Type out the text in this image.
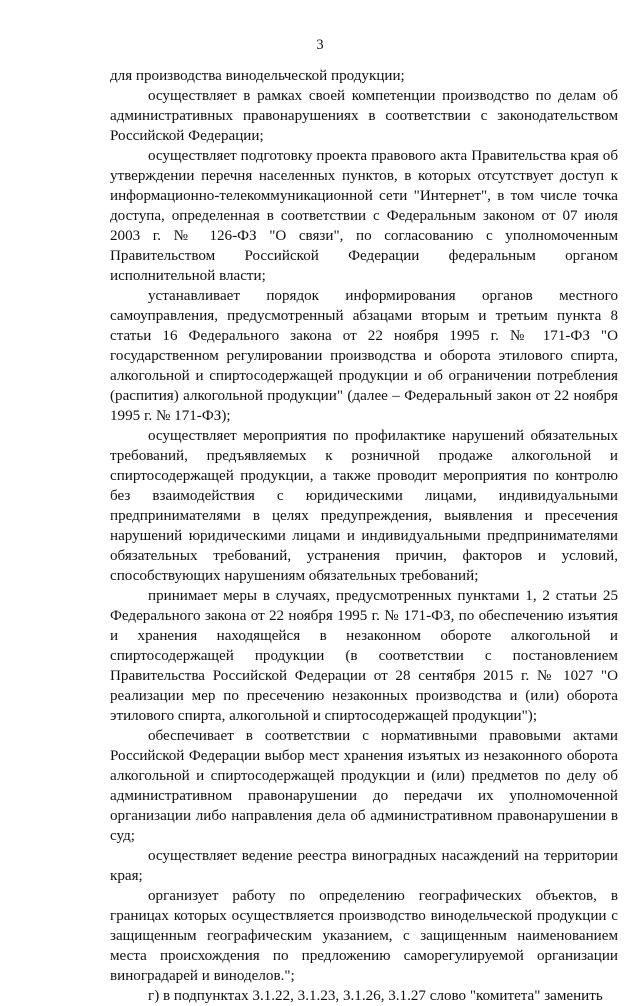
3

для производства винодельческой продукции;

осуществляет в рамках своей компетенции производство по делам об административных правонарушениях в соответствии с законодательством Российской Федерации;

осуществляет подготовку проекта правового акта Правительства края об утверждении перечня населенных пунктов, в которых отсутствует доступ к информационно-телекоммуникационной сети "Интернет", в том числе точка доступа, определенная в соответствии с Федеральным законом от 07 июля 2003 г. № 126-ФЗ "О связи", по согласованию с уполномоченным Правительством Российской Федерации федеральным органом исполнительной власти;

устанавливает порядок информирования органов местного самоуправления, предусмотренный абзацами вторым и третьим пункта 8 статьи 16 Федерального закона от 22 ноября 1995 г. № 171-ФЗ "О государственном регулировании производства и оборота этилового спирта, алкогольной и спиртосодержащей продукции и об ограничении потребления (распития) алкогольной продукции" (далее – Федеральный закон от 22 ноября 1995 г. № 171-ФЗ);

осуществляет мероприятия по профилактике нарушений обязательных требований, предъявляемых к розничной продаже алкогольной и спиртосодержащей продукции, а также проводит мероприятия по контролю без взаимодействия с юридическими лицами, индивидуальными предпринимателями в целях предупреждения, выявления и пресечения нарушений юридическими лицами и индивидуальными предпринимателями обязательных требований, устранения причин, факторов и условий, способствующих нарушениям обязательных требований;

принимает меры в случаях, предусмотренных пунктами 1, 2 статьи 25 Федерального закона от 22 ноября 1995 г. № 171-ФЗ, по обеспечению изъятия и хранения находящейся в незаконном обороте алкогольной и спиртосодержащей продукции (в соответствии с постановлением Правительства Российской Федерации от 28 сентября 2015 г. № 1027 "О реализации мер по пресечению незаконных производства и (или) оборота этилового спирта, алкогольной и спиртосодержащей продукции");

обеспечивает в соответствии с нормативными правовыми актами Российской Федерации выбор мест хранения изъятых из незаконного оборота алкогольной и спиртосодержащей продукции и (или) предметов по делу об административном правонарушении до передачи их уполномоченной организации либо направления дела об административном правонарушении в суд;

осуществляет ведение реестра виноградных насаждений на территории края;

организует работу по определению географических объектов, в границах которых осуществляется производство винодельческой продукции с защищенным географическим указанием, с защищенным наименованием места происхождения по предложению саморегулируемой организации виноградарей и виноделов.";

г) в подпунктах 3.1.22, 3.1.23, 3.1.26, 3.1.27 слово "комитета" заменить
